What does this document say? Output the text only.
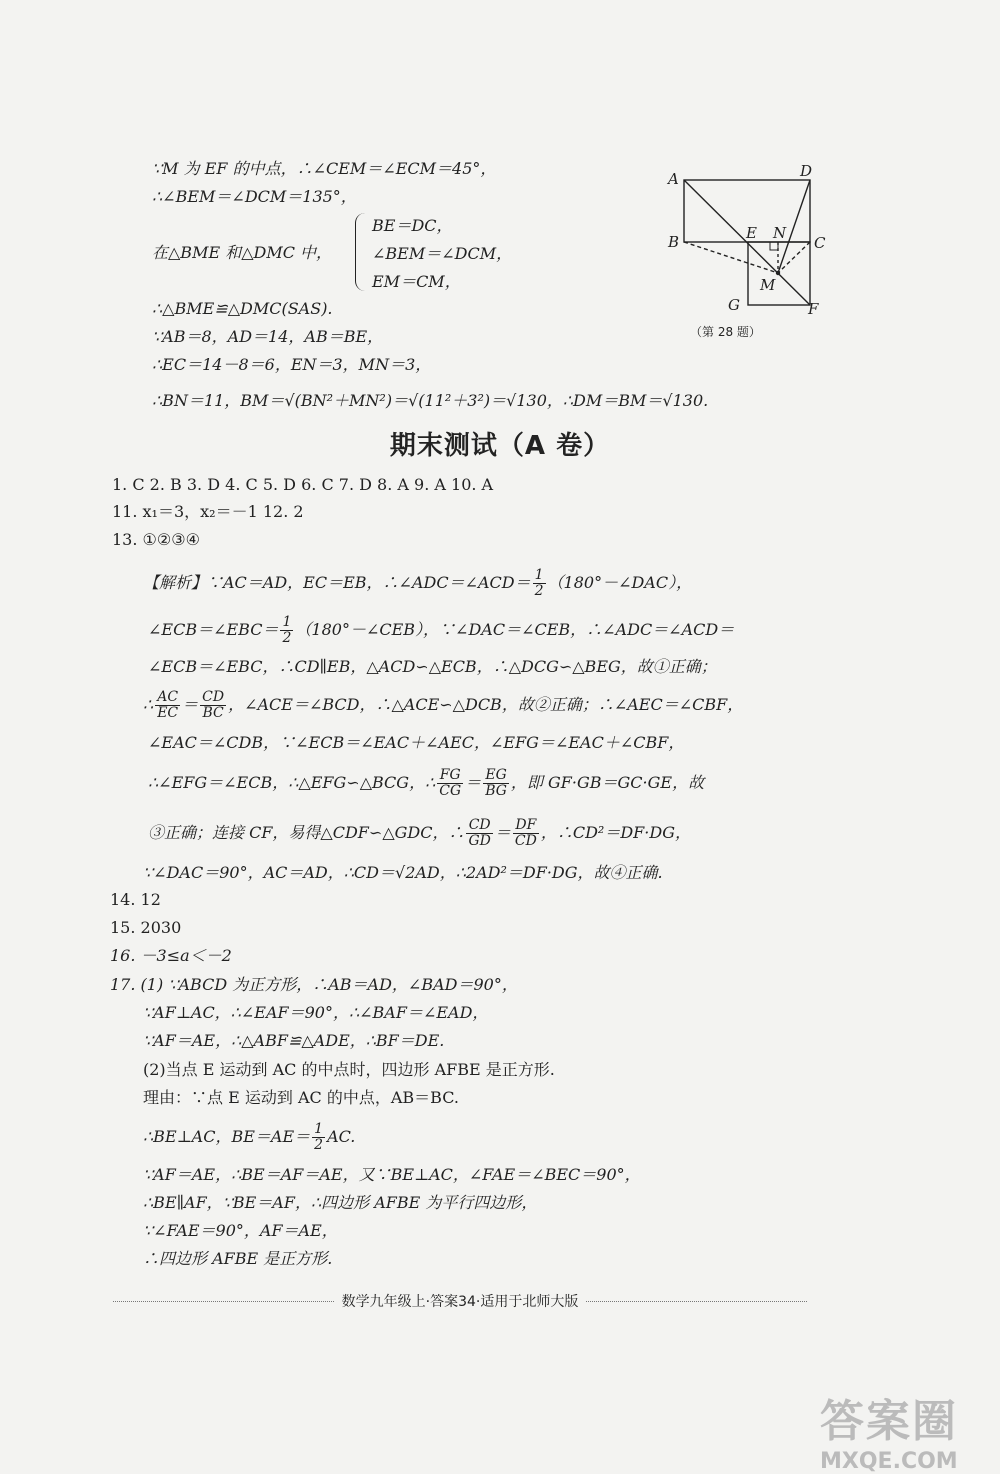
∵M 为 EF 的中点，∴∠CEM＝∠ECM＝45°，
∴∠BEM＝∠DCM＝135°，
在△BME 和△DMC 中，
BE＝DC，
∠BEM＝∠DCM，
EM＝CM，
∴△BME≌△DMC(SAS).
∵AB＝8，AD＝14，AB＝BE，
∴EC＝14－8＝6，EN＝3，MN＝3，
∴BN＝11，BM＝√(BN²＋MN²)＝√(11²＋3²)＝√130，∴DM＝BM＝√130.
A	D
B	E N
C
M
G	F
（第 28 题）
期末测试（A 卷）
1. C 2. B 3. D 4. C 5. D 6. C 7. D 8. A 9. A 10. A
11. x₁＝3，x₂＝－1 12. 2
13. ①②③④
【解析】∵AC＝AD，EC＝EB，∴∠ADC＝∠ACD＝ $\frac{1}{2}$ （180°－∠DAC），
∠ECB＝∠EBC＝ $\frac{1}{2}$ （180°－∠CEB），∵∠DAC＝∠CEB，∴∠ADC＝∠ACD＝
∠ECB＝∠EBC，∴CD∥EB，△ACD∽△ECB，∴△DCG∽△BEG，故①正确；
∴ $\frac{AC}{EC} = \frac{CD}{BC}$ ，∠ACE＝∠BCD，∴△ACE∽△DCB，故②正确；∴∠AEC＝∠CBF，
∠EAC＝∠CDB，∵∠ECB＝∠EAC＋∠AEC，∠EFG＝∠EAC＋∠CBF，
∴∠EFG＝∠ECB，∴△EFG∽△BCG，∴ $\frac{FG}{CG} = \frac{EG}{BG}$ ，即 GF·GB＝GC·GE，故
③正确；连接 CF，易得△CDF∽△GDC，∴ $\frac{CD}{GD} = \frac{DF}{CD}$ ，∴CD²＝DF·DG，
∵∠DAC＝90°，AC＝AD，∴CD＝√2AD，∴2AD²＝DF·DG，故④正确.
14. 12
15. 2030
16. －3≤a＜－2
17. (1) ∵ABCD 为正方形，∴AB＝AD，∠BAD＝90°，
∵AF⊥AC，∴∠EAF＝90°，∴∠BAF＝∠EAD，
∵AF＝AE，∴△ABF≌△ADE，∴BF＝DE.
(2)当点 E 运动到 AC 的中点时，四边形 AFBE 是正方形.
理由：∵点 E 运动到 AC 的中点，AB＝BC.
∴BE⊥AC，$BE=AE= \frac{1}{2}$ AC.
∵AF＝AE，∴BE＝AF＝AE，又∵BE⊥AC，∠FAE＝∠BEC＝90°，
∴BE∥AF，∵BE＝AF，∴四边形 AFBE 为平行四边形，
∵∠FAE＝90°，AF＝AE，
∴四边形 AFBE 是正方形.
数学九年级上·答案34·适用于北师大版
答案圈
MXQE.COM
